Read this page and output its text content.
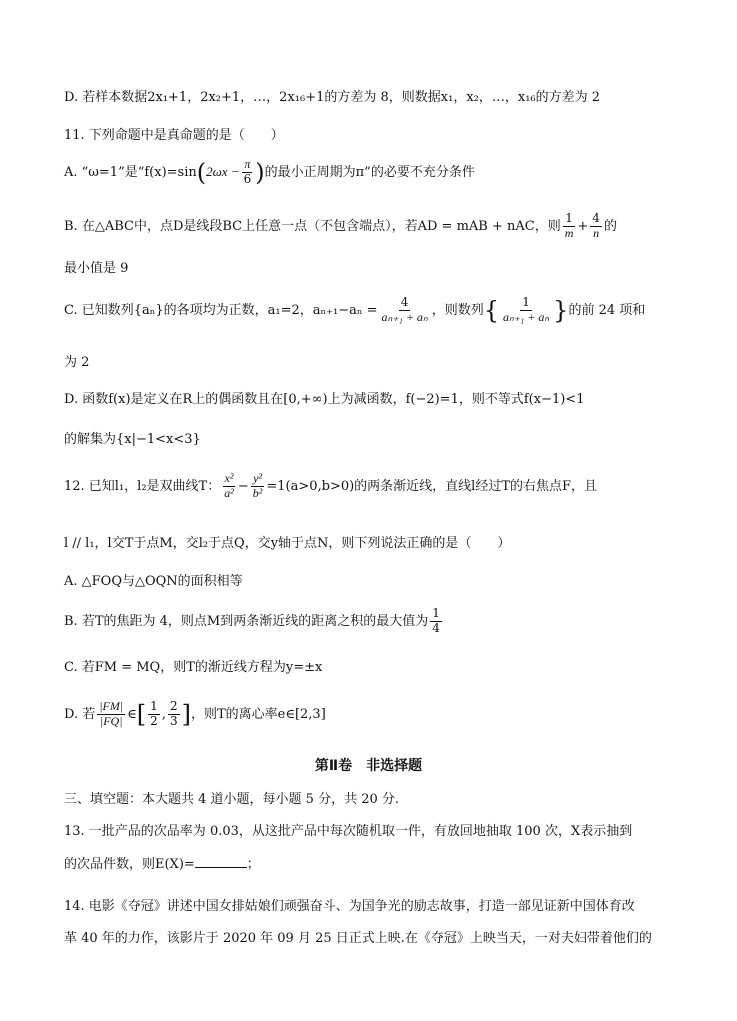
D. 若样本数据2x₁+1，2x₂+1，…，2x₁₆+1的方差为 8，则数据x₁，x₂，…，x₁₆的方差为 2
11. 下列命题中是真命题的是（　　）
A. “ω=1”是“$f(x)=\sin(2\omega x - \frac{\pi}{6}$ )的最小正周期为π”的必要不充分条件
B. 在△ABC中，点D是线段BC上任意一点（不包含端点），若AD = mAB + nAC，则 $\frac{1}{m} + \frac{4}{n}$ 的
最小值是 9
C. 已知数列{aₙ}的各项均为正数，a₁=2，$a_{n+1}-a_n = \frac{4}{\text{aₙ₊₁ + aₙ}}$ ，则数列{ $\frac{1}{\text{aₙ₊₁ + aₙ}}$ }的前 24 项和
为 2
D. 函数f(x)是定义在R上的偶函数且在[0,+∞)上为减函数，f(−2)=1，则不等式f(x−1)<1
的解集为{x|−1<x<3}
12. 已知l₁，l₂是双曲线T： $\frac{\text{x²}}{\text{a²}} - \frac{\text{y²}}{\text{b²}} =1(a>0,b>0)$的两条渐近线，直线l经过T的右焦点F，且
l // l₁，l交T于点M，交l₂于点Q，交y轴于点N，则下列说法正确的是（　　）
A. △FOQ与△OQN的面积相等
B. 若T的焦距为 4，则点M到两条渐近线的距离之积的最大值为 $\frac{1}{4}$
C. 若FM = MQ，则T的渐近线方程为y=±x
D. 若 $\frac{|FM|}{|FQ|}$ ∈[ $\frac{1}{2}$ , $\frac{2}{3}$ ]，则T的离心率e∈[2,3]
第Ⅱ卷　非选择题
三、填空题：本大题共 4 道小题，每小题 5 分，共 20 分.
13. 一批产品的次品率为 0.03，从这批产品中每次随机取一件，有放回地抽取 100 次，X表示抽到
的次品件数，则E(X)=	；
14. 电影《夺冠》讲述中国女排姑娘们顽强奋斗、为国争光的励志故事，打造一部见证新中国体育改
革 40 年的力作，该影片于 2020 年 09 月 25 日正式上映.在《夺冠》上映当天，一对夫妇带着他们的
